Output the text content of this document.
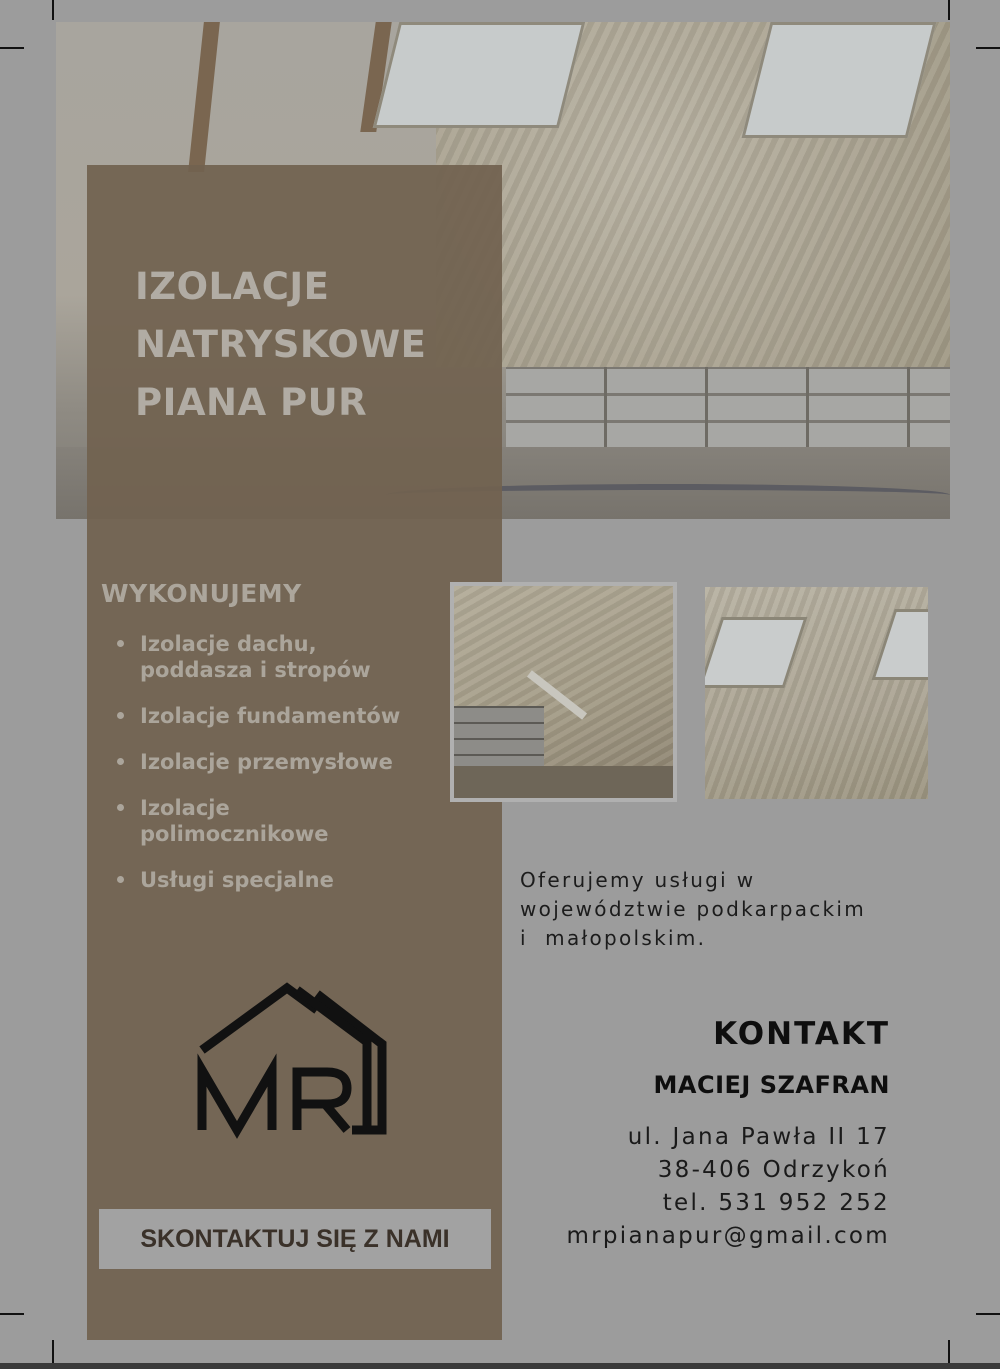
IZOLACJE
NATRYSKOWE
PIANA PUR
WYKONUJEMY
Izolacje dachu,
poddasza i stropów
Izolacje fundamentów
Izolacje przemysłowe
Izolacje
polimocznikowe
Usługi specjalne
SKONTAKTUJ SIĘ Z NAMI
Oferujemy usługi w
województwie podkarpackim
i  małopolskim.
KONTAKT
MACIEJ SZAFRAN

ul. Jana Pawła II 17

38-406 Odrzykoń

tel. 531 952 252

mrpianapur@gmail.com
